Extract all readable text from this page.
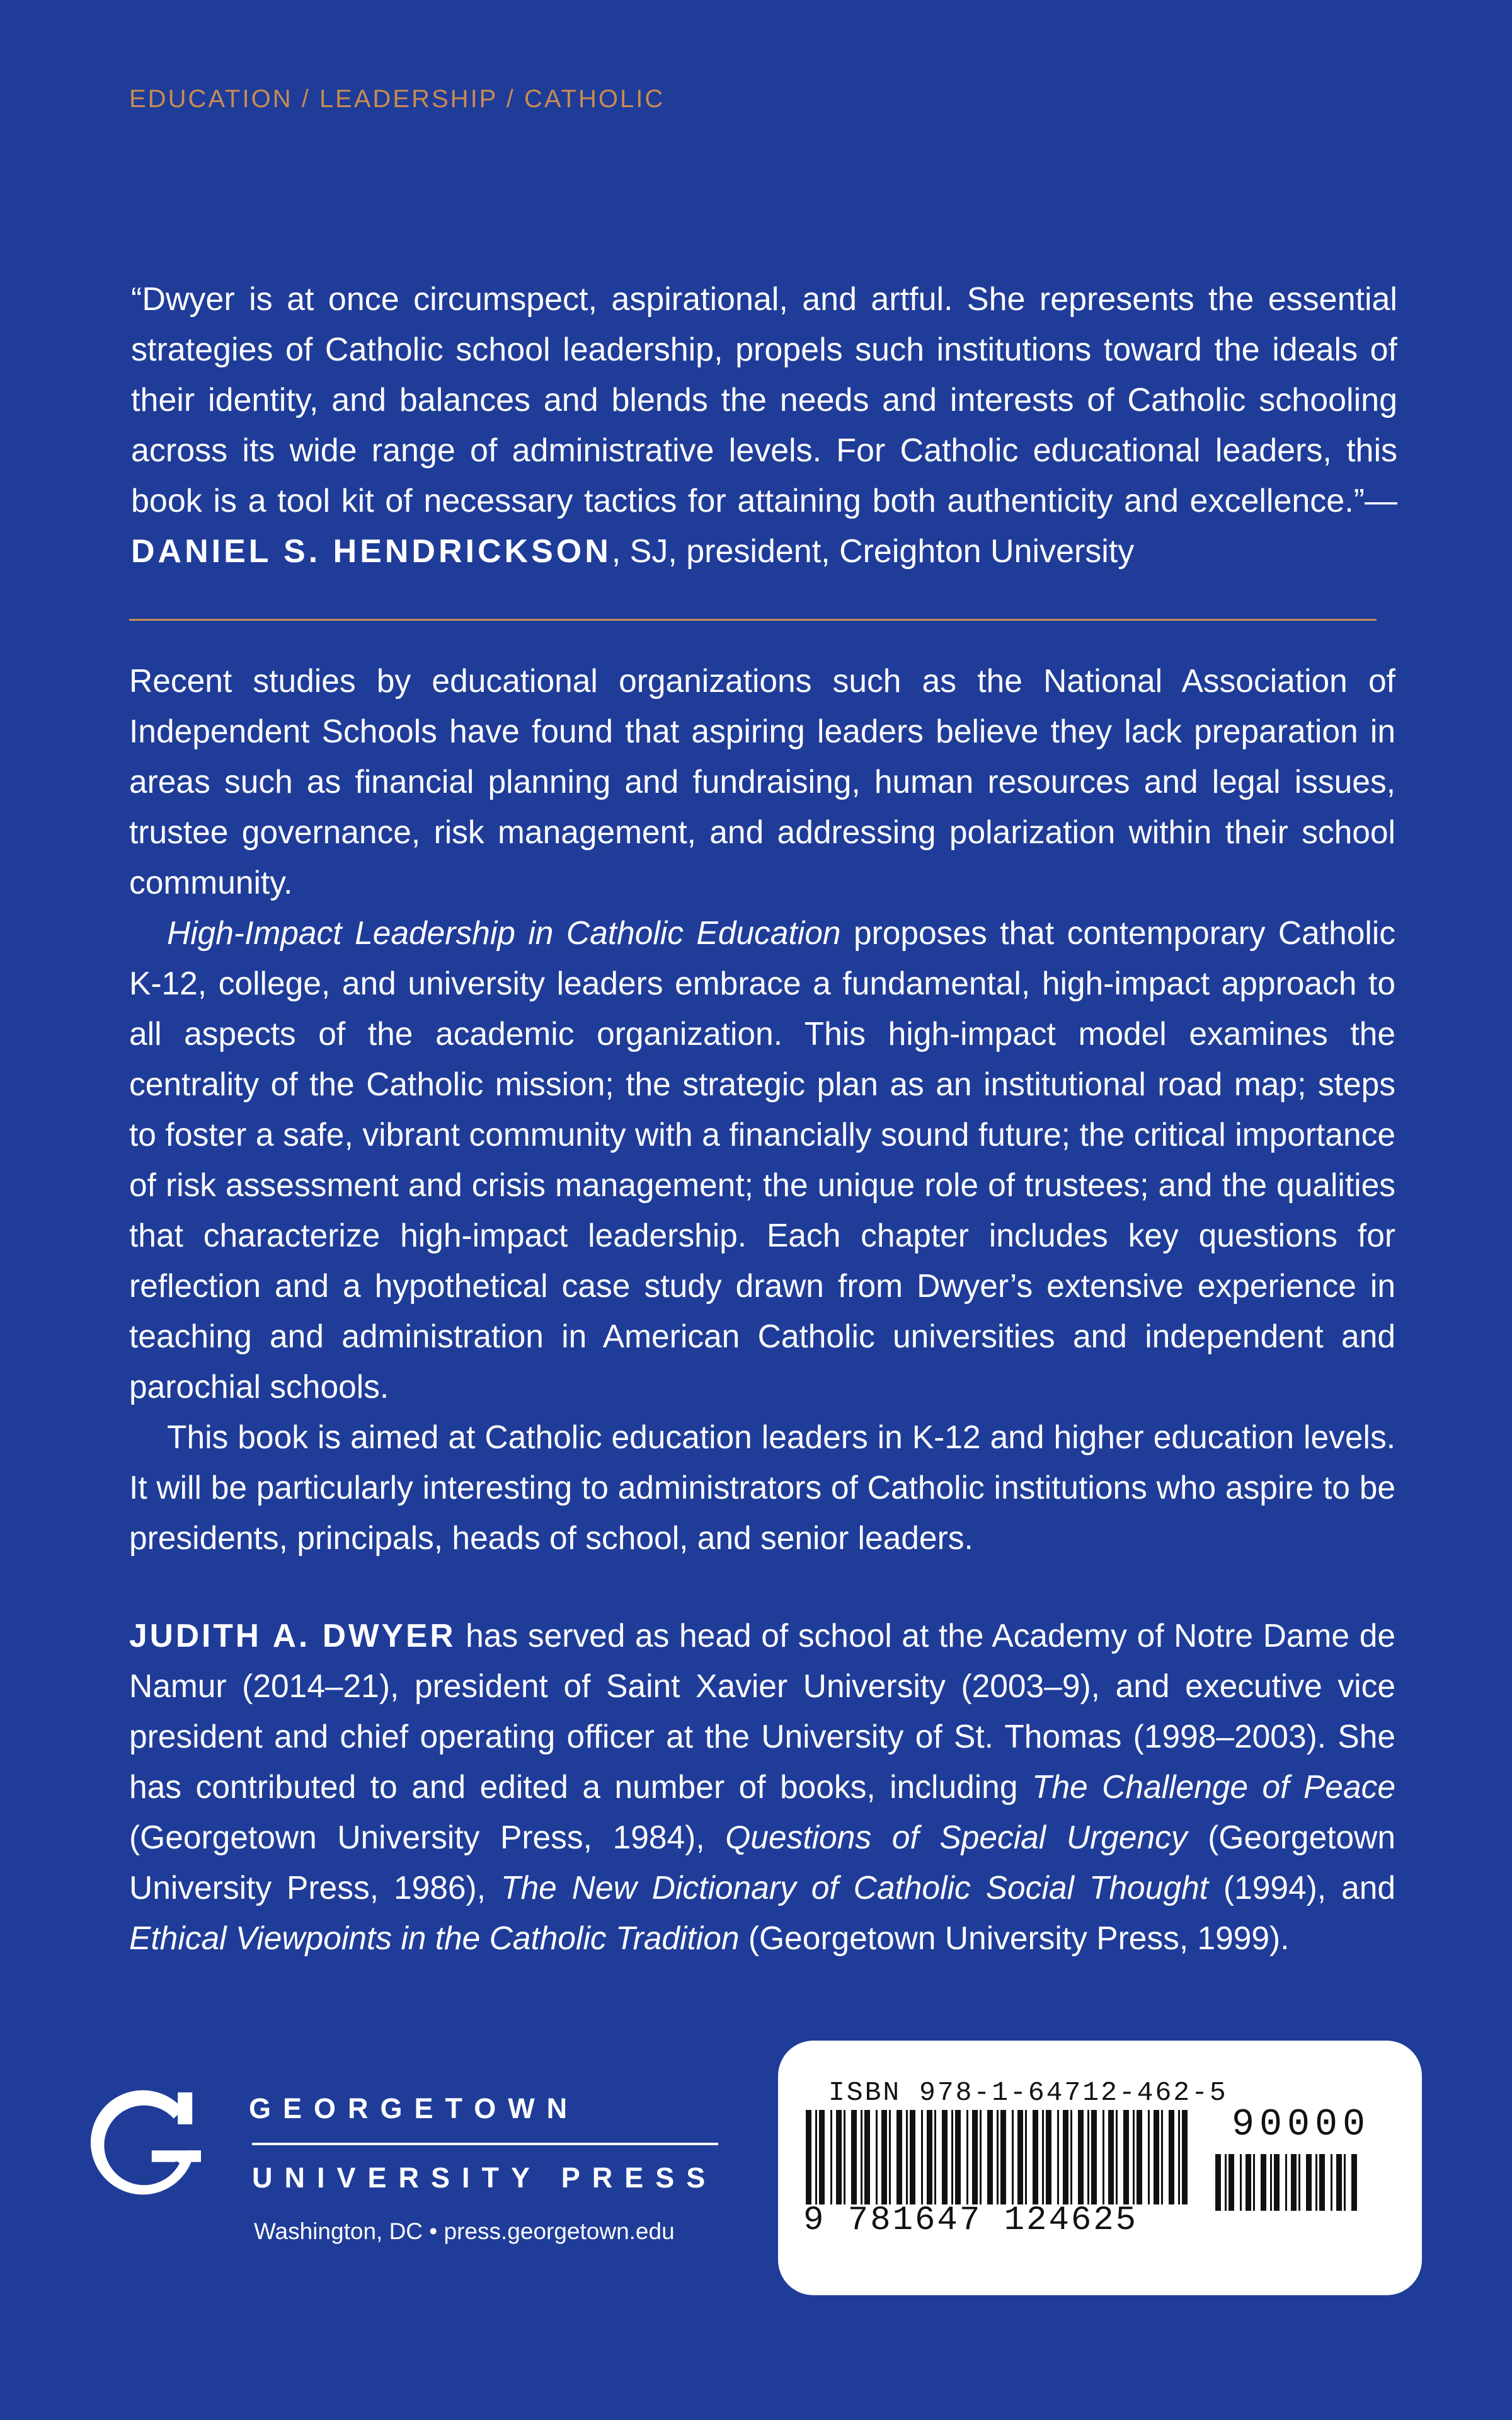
EDUCATION / LEADERSHIP / CATHOLIC

“Dwyer is at once circumspect, aspirational, and artful. She represents the essential strategies of Catholic school leadership, propels such institutions toward the ideals of their identity, and balances and blends the needs and interests of Catholic schooling across its wide range of administrative levels. For Catholic educational leaders, this book is a tool kit of necessary tactics for attaining both authenticity and excellence.”—DANIEL S. HENDRICKSON, SJ, president, Creighton University

Recent studies by educational organizations such as the National Association of Independent Schools have found that aspiring leaders believe they lack preparation in areas such as financial planning and fundraising, human resources and legal issues, trustee governance, risk management, and addressing polarization within their school community.

High-Impact Leadership in Catholic Education proposes that contemporary Catholic K-12, college, and university leaders embrace a fundamental, high-impact approach to all aspects of the academic organization. This high-impact model examines the centrality of the Catholic mission; the strategic plan as an institutional road map; steps to foster a safe, vibrant community with a financially sound future; the critical importance of risk assessment and crisis management; the unique role of trustees; and the qualities that characterize high-impact leadership. Each chapter includes key questions for reflection and a hypothetical case study drawn from Dwyer’s extensive experience in teaching and administration in American Catholic universities and independent and parochial schools.

This book is aimed at Catholic education leaders in K-12 and higher education levels. It will be particularly interesting to administrators of Catholic institutions who aspire to be presidents, principals, heads of school, and senior leaders.

JUDITH A. DWYER has served as head of school at the Academy of Notre Dame de Namur (2014–21), president of Saint Xavier University (2003–9), and executive vice president and chief operating officer at the University of St. Thomas (1998–2003). She has contributed to and edited a number of books, including The Challenge of Peace (Georgetown University Press, 1984), Questions of Special Urgency (Georgetown University Press, 1986), The New Dictionary of Catholic Social Thought (1994), and Ethical Viewpoints in the Catholic Tradition (Georgetown University Press, 1999).

GEORGETOWN
UNIVERSITY PRESS
Washington, DC • press.georgetown.edu
ISBN 978-1-64712-462-5
9 781647 124625
90000
